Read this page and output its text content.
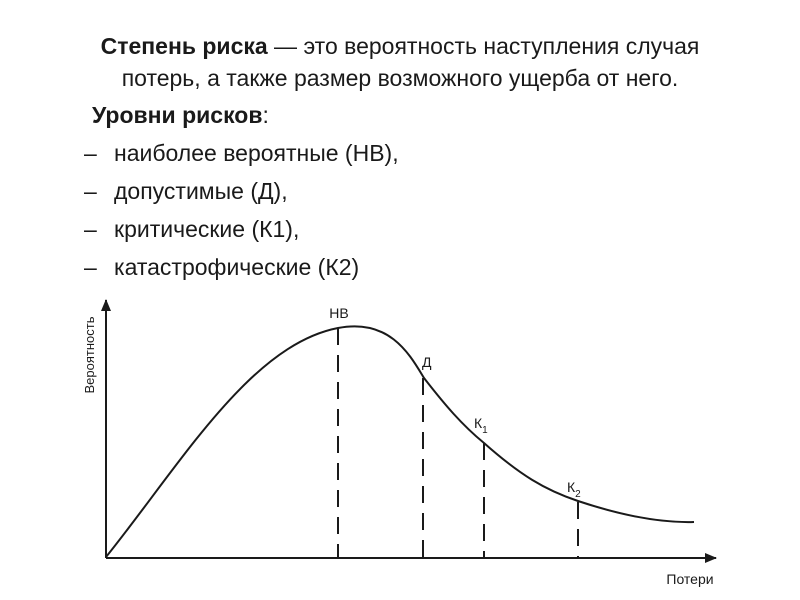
Степень риска — это вероятность наступления случая
потерь, а также размер возможного ущерба от него.
Уровни рисков:
– наиболее вероятные (НВ),
– допустимые (Д),
– критические (К1),
– катастрофические (К2)
Вероятность
Потери
НВ
Д
$К_1$
$К_2$
